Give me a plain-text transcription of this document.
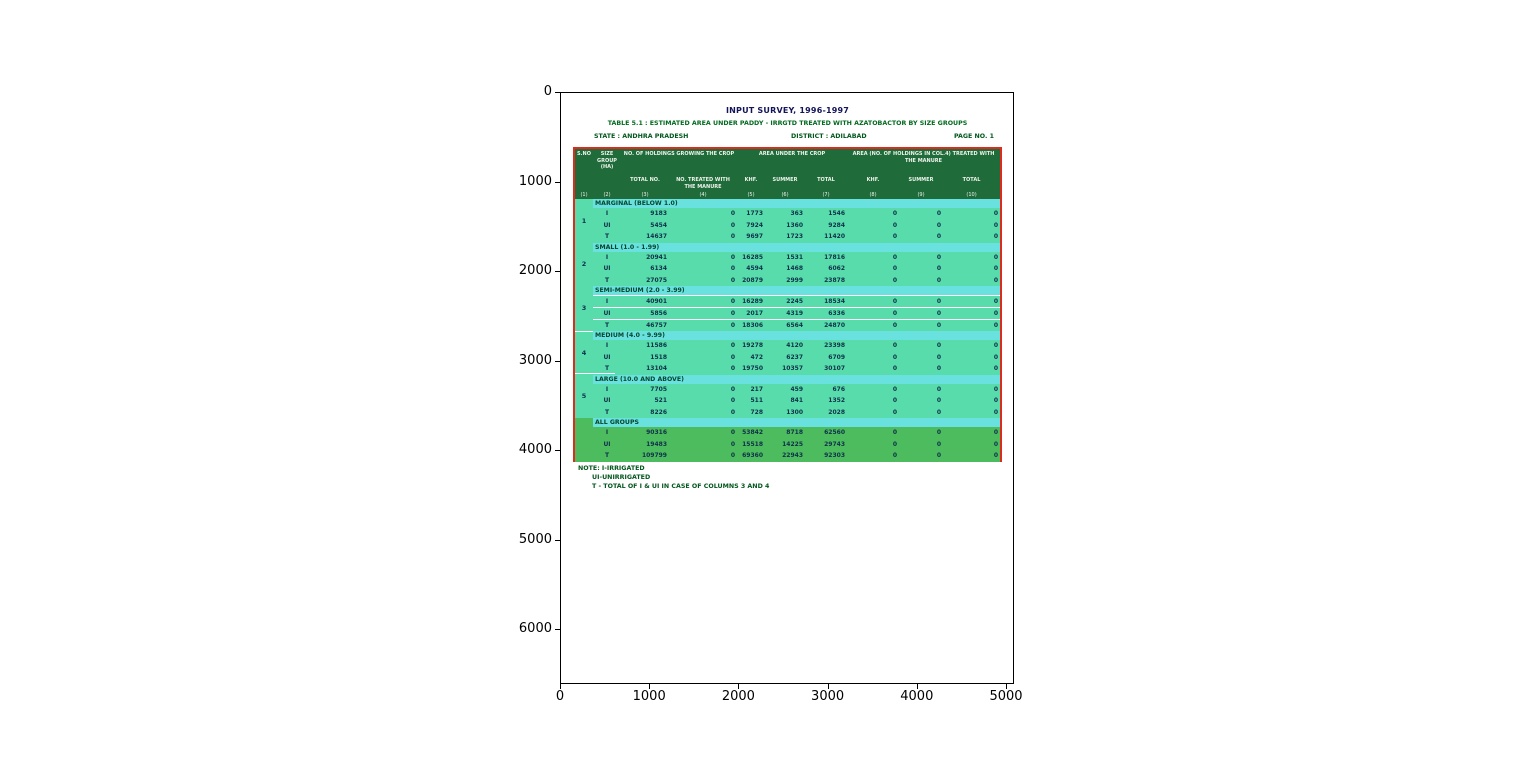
INPUT SURVEY, 1996-1997
TABLE 5.1 : ESTIMATED AREA UNDER PADDY - IRRGTD TREATED WITH AZATOBACTOR BY SIZE GROUPS
STATE : ANDHRA PRADESH	DISTRICT : ADILABAD	PAGE NO. 1
S.NO	SIZE GROUP (HA)	NO. OF HOLDINGS GROWING THE CROP		AREA UNDER THE CROP			AREA (NO. OF HOLDINGS IN COL.4) TREATED WITH THE MANURE		
		TOTAL NO.	NO. TREATED WITH THE MANURE	KHF.	SUMMER	TOTAL	KHF.	SUMMER	TOTAL
(1)	(2)	(3)	(4)	(5)	(6)	(7)	(8)	(9)	(10)
1	MARGINAL (BELOW 1.0)								
	I	9183	0	1773	363	1546	0	0	0
	UI	5454	0	7924	1360	9284	0	0	0
	T	14637	0	9697	1723	11420	0	0	0
2	SMALL (1.0 - 1.99)								
	I	20941	0	16285	1531	17816	0	0	0
	UI	6134	0	4594	1468	6062	0	0	0
	T	27075	0	20879	2999	23878	0	0	0
3	SEMI-MEDIUM (2.0 - 3.99)								
	I	40901	0	16289	2245	18534	0	0	0
	UI	5856	0	2017	4319	6336	0	0	0
	T	46757	0	18306	6564	24870	0	0	0
4	MEDIUM (4.0 - 9.99)								
	I	11586	0	19278	4120	23398	0	0	0
	UI	1518	0	472	6237	6709	0	0	0
	T	13104	0	19750	10357	30107	0	0	0
5	LARGE (10.0 AND ABOVE)								
	I	7705	0	217	459	676	0	0	0
	UI	521	0	511	841	1352	0	0	0
	T	8226	0	728	1300	2028	0	0	0
	ALL GROUPS								
	I	90316	0	53842	8718	62560	0	0	0
	UI	19483	0	15518	14225	29743	0	0	0
	T	109799	0	69360	22943	92303	0	0	0
NOTE: I-IRRIGATED
UI-UNIRRIGATED
T - TOTAL OF I & UI IN CASE OF COLUMNS 3 AND 4
0
1000
2000
3000
4000
5000
6000
0	1000	2000	3000	4000	5000
